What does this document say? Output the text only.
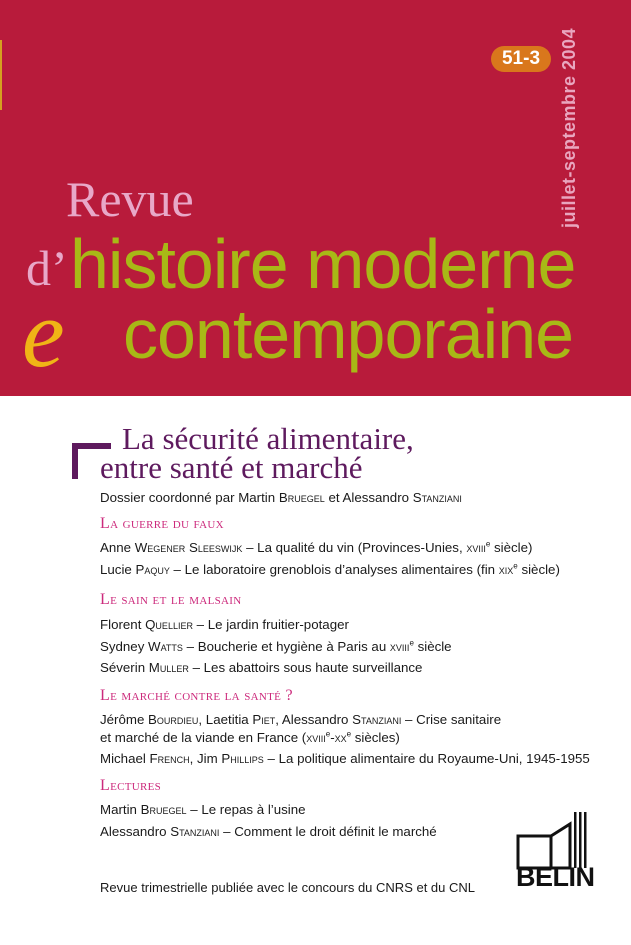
51-3	juillet-septembre 2004
Revue
d’ histoire moderne
e contemporaine
La sécurité alimentaire,
entre santé et marché
Dossier coordonné par Martin Bruegel et Alessandro Stanziani
La guerre du faux
Anne Wegener Sleeswijk – La qualité du vin (Provinces-Unies, xviii$^e$ siècle)
Lucie Paquy – Le laboratoire grenoblois d’analyses alimentaires (fin xix$^e$ siècle)
Le sain et le malsain
Florent Quellier – Le jardin fruitier-potager
Sydney Watts – Boucherie et hygiène à Paris au xviii$^e$ siècle
Séverin Muller – Les abattoirs sous haute surveillance
Le marché contre la santé ?
Jérôme Bourdieu, Laetitia Piet, Alessandro Stanziani – Crise sanitaire
et marché de la viande en France ($xviii^e-xx^e$ siècles)
Michael French, Jim Phillips – La politique alimentaire du Royaume-Uni, 1945-1955
Lectures
Martin Bruegel – Le repas à l’usine
Alessandro Stanziani – Comment le droit définit le marché
Revue trimestrielle publiée avec le concours du CNRS et du CNL BELIN
